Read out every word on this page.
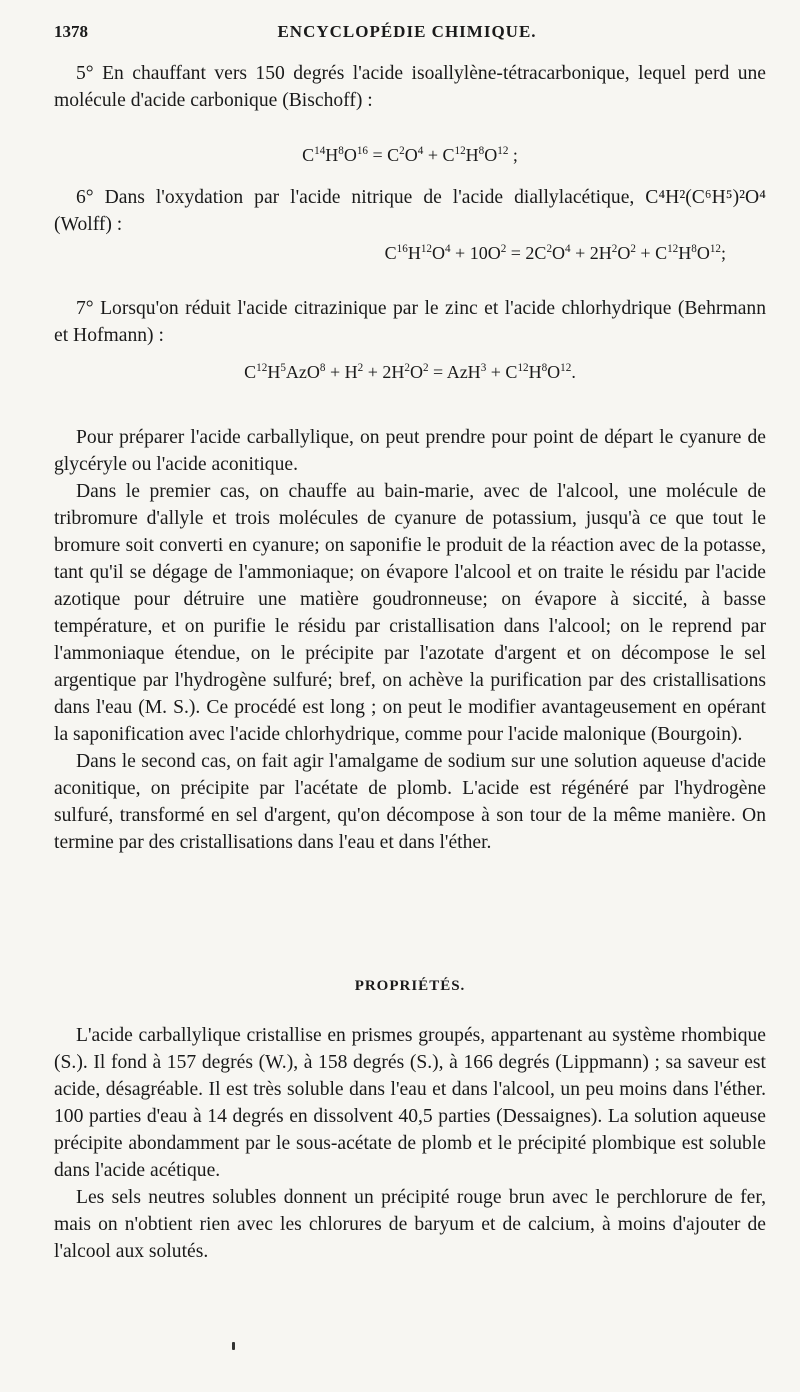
1378	ENCYCLOPÉDIE CHIMIQUE.

5° En chauffant vers 150 degrés l'acide isoallylène-tétracarbonique, lequel perd une molécule d'acide carbonique (Bischoff) :

$C^{14}H^8O^{16} = C^2O^4 + C^{12}H^8O^{12}$ ;

6° Dans l'oxydation par l'acide nitrique de l'acide diallylacétique, C⁴H²(C⁶H⁵)²O⁴ (Wolff) :

$C^{16}H^{12}O^4 + 10O^2 = 2C^2O^4 + 2H^2O^2 + C^{12}H^8O^{12}$;

7° Lorsqu'on réduit l'acide citrazinique par le zinc et l'acide chlorhydrique (Behrmann et Hofmann) :

$C^{12}H^5AzO^8 + H^2 + 2H^2O^2 = AzH^3 + C^{12}H^8O^{12}$.

Pour préparer l'acide carballylique, on peut prendre pour point de départ le cyanure de glycéryle ou l'acide aconitique.

Dans le premier cas, on chauffe au bain-marie, avec de l'alcool, une molécule de tribromure d'allyle et trois molécules de cyanure de potassium, jusqu'à ce que tout le bromure soit converti en cyanure; on saponifie le produit de la réaction avec de la potasse, tant qu'il se dégage de l'ammoniaque; on évapore l'alcool et on traite le résidu par l'acide azotique pour détruire une matière goudronneuse; on évapore à siccité, à basse température, et on purifie le résidu par cristallisation dans l'alcool; on le reprend par l'ammoniaque étendue, on le précipite par l'azotate d'argent et on décompose le sel argentique par l'hydrogène sulfuré; bref, on achève la purification par des cristallisations dans l'eau (M. S.). Ce procédé est long ; on peut le modifier avantageusement en opérant la saponification avec l'acide chlorhydrique, comme pour l'acide malonique (Bourgoin).

Dans le second cas, on fait agir l'amalgame de sodium sur une solution aqueuse d'acide aconitique, on précipite par l'acétate de plomb. L'acide est régénéré par l'hydrogène sulfuré, transformé en sel d'argent, qu'on décompose à son tour de la même manière. On termine par des cristallisations dans l'eau et dans l'éther.

PROPRIÉTÉS.

L'acide carballylique cristallise en prismes groupés, appartenant au système rhombique (S.). Il fond à 157 degrés (W.), à 158 degrés (S.), à 166 degrés (Lippmann) ; sa saveur est acide, désagréable. Il est très soluble dans l'eau et dans l'alcool, un peu moins dans l'éther. 100 parties d'eau à 14 degrés en dissolvent 40,5 parties (Dessaignes). La solution aqueuse précipite abondamment par le sous-acétate de plomb et le précipité plombique est soluble dans l'acide acétique.

Les sels neutres solubles donnent un précipité rouge brun avec le perchlorure de fer, mais on n'obtient rien avec les chlorures de baryum et de calcium, à moins d'ajouter de l'alcool aux solutés.
